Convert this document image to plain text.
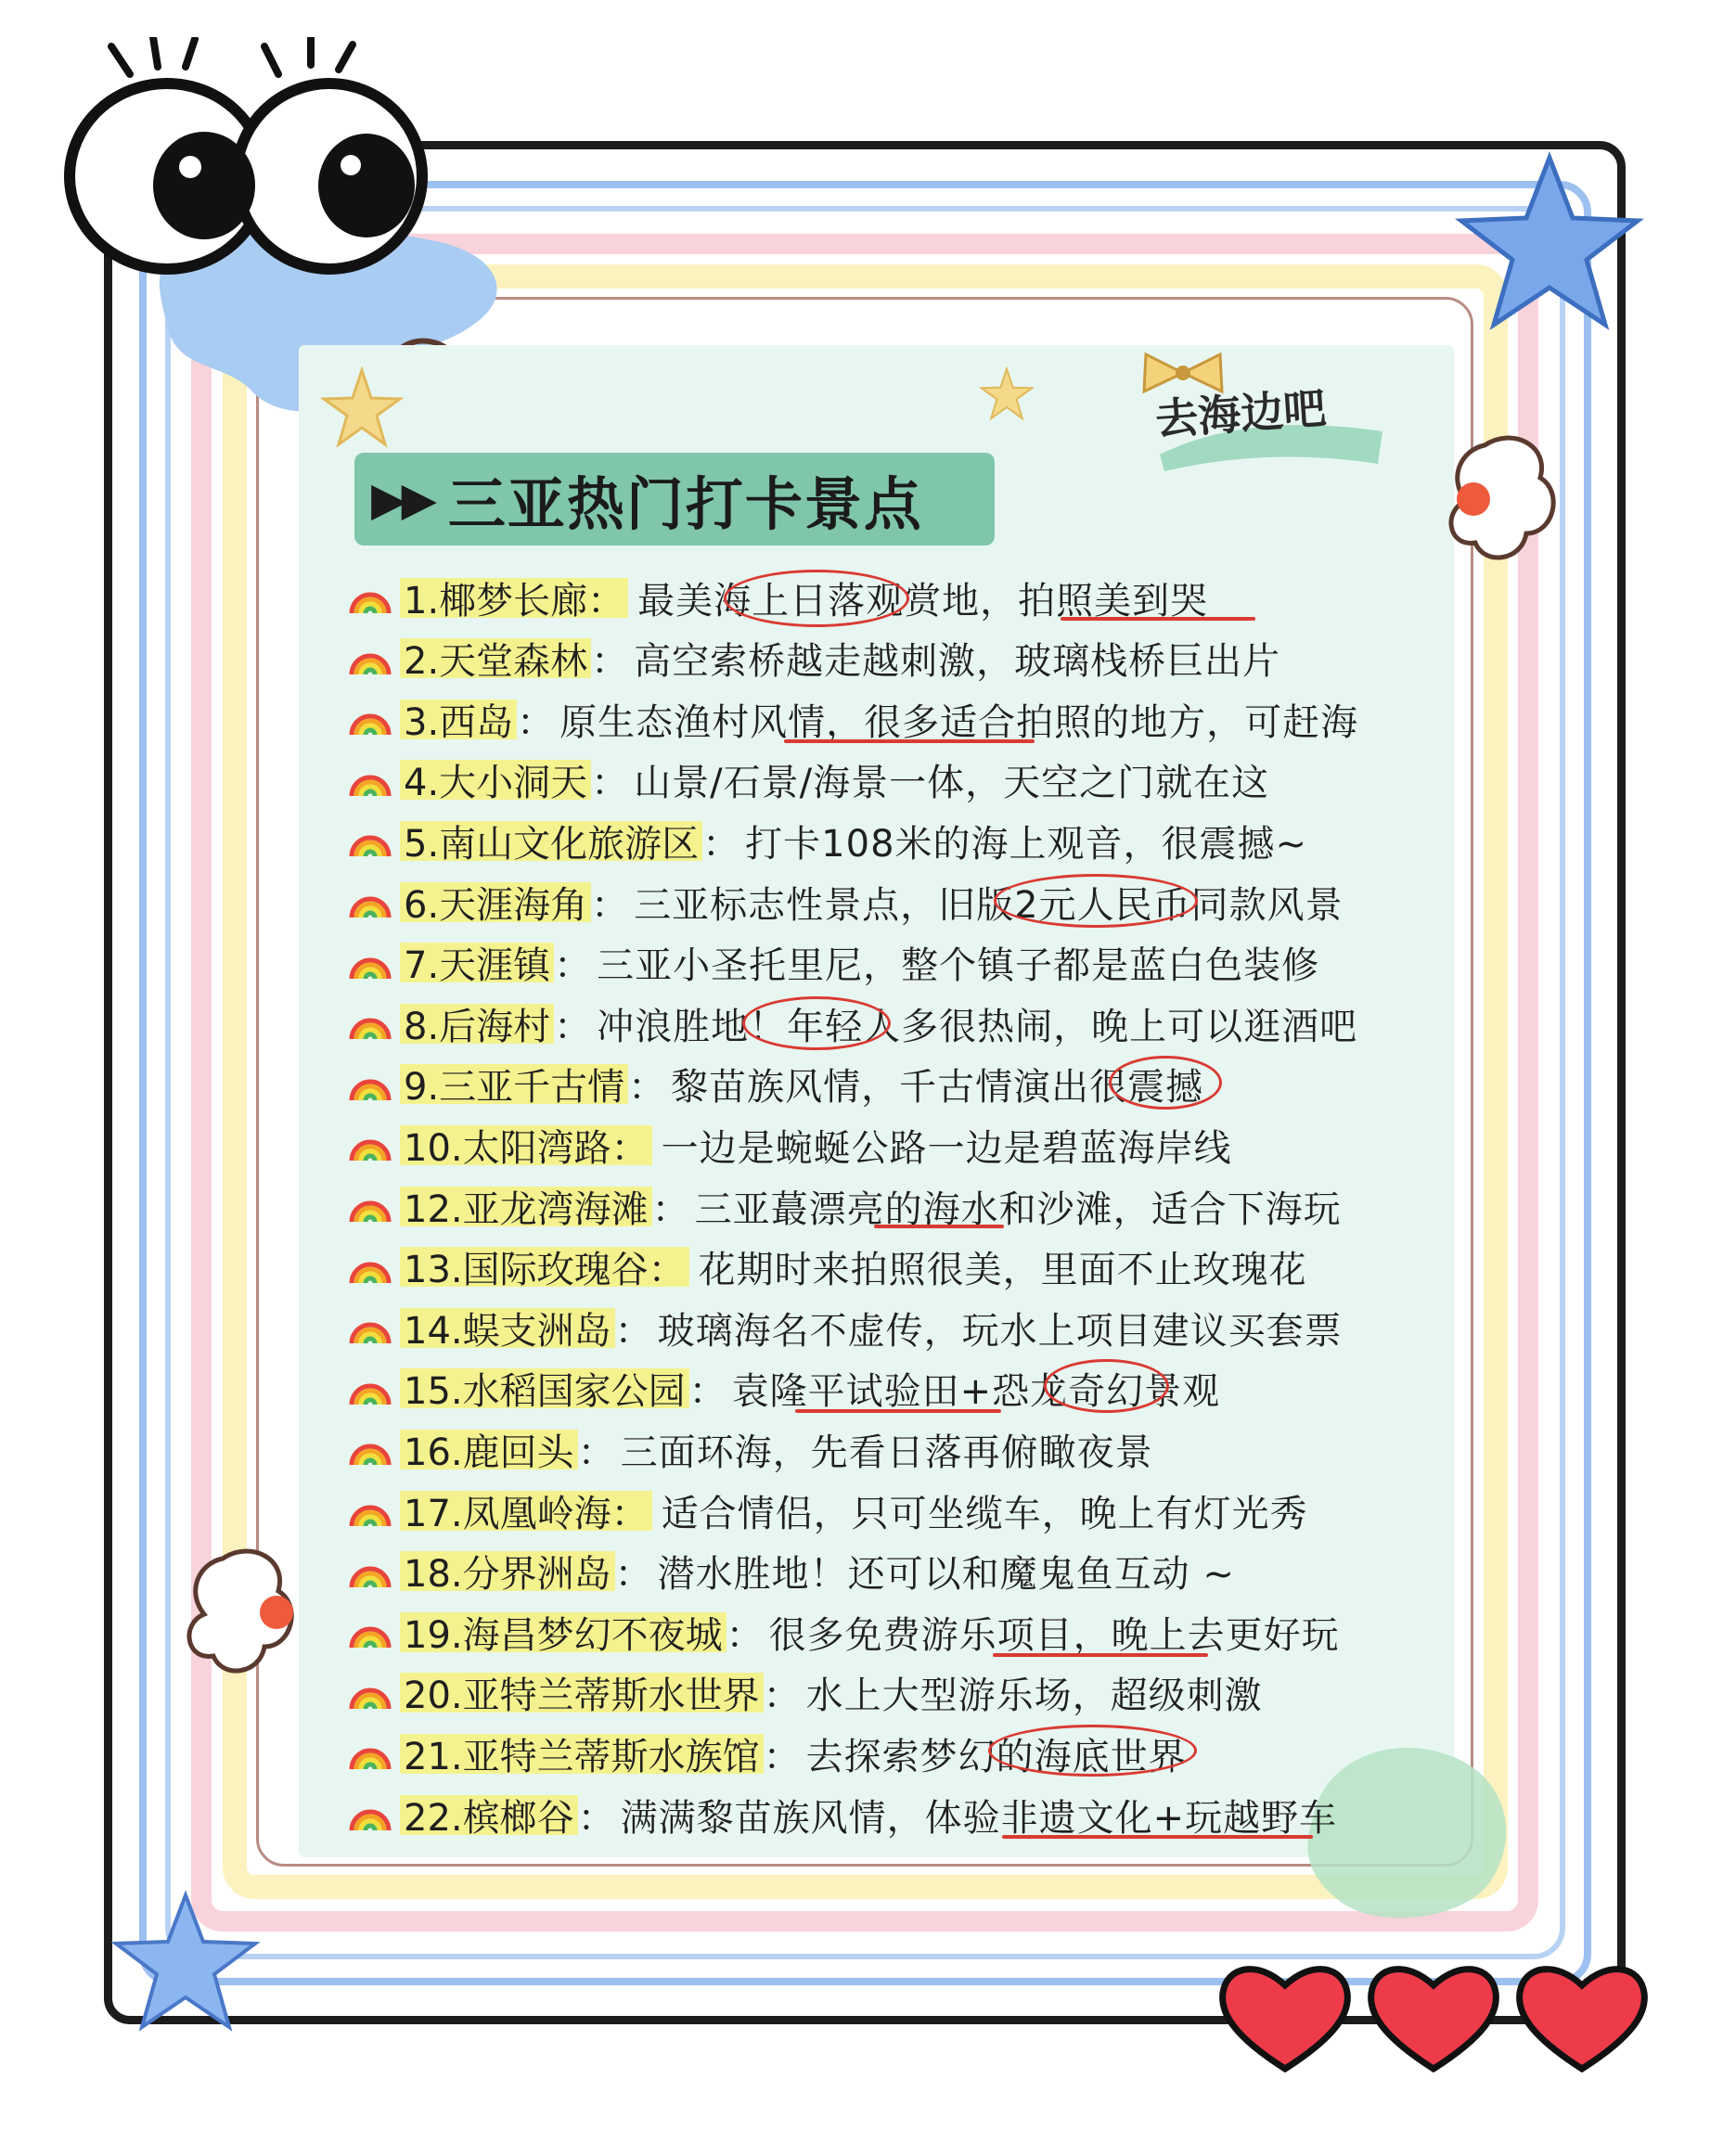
去海边吧
▶▶ 三亚热门打卡景点
1.椰梦长廊： 最美海上日落观赏地，拍照美到哭
2.天堂森林 ： 高空索桥越走越刺激，玻璃栈桥巨出片
3.西岛 ： 原生态渔村风情，很多适合拍照的地方，可赶海
4.大小洞天 ： 山景/石景/海景一体，天空之门就在这
5.南山文化旅游区 ： 打卡108米的海上观音，很震撼~
6.天涯海角 ： 三亚标志性景点，旧版2元人民币同款风景
7.天涯镇 ： 三亚小圣托里尼，整个镇子都是蓝白色装修
8.后海村 ： 冲浪胜地！年轻人多很热闹，晚上可以逛酒吧
9.三亚千古情 ： 黎苗族风情，千古情演出很震撼
10.太阳湾路： 一边是蜿蜒公路一边是碧蓝海岸线
12.亚龙湾海滩 ： 三亚蕞漂亮的海水和沙滩，适合下海玩
13.国际玫瑰谷： 花期时来拍照很美，里面不止玫瑰花
14.蜈支洲岛 ： 玻璃海名不虚传，玩水上项目建议买套票
15.水稻国家公园 ： 袁隆平试验田+恐龙奇幻景观
16.鹿回头 ： 三面环海，先看日落再俯瞰夜景
17.凤凰岭海： 适合情侣，只可坐缆车，晚上有灯光秀
18.分界洲岛 ： 潜水胜地！还可以和魔鬼鱼互动 ~
19.海昌梦幻不夜城 ： 很多免费游乐项目，晚上去更好玩
20.亚特兰蒂斯水世界 ： 水上大型游乐场，超级刺激
21.亚特兰蒂斯水族馆 ： 去探索梦幻的海底世界
22.槟榔谷 ： 满满黎苗族风情，体验非遗文化+玩越野车
